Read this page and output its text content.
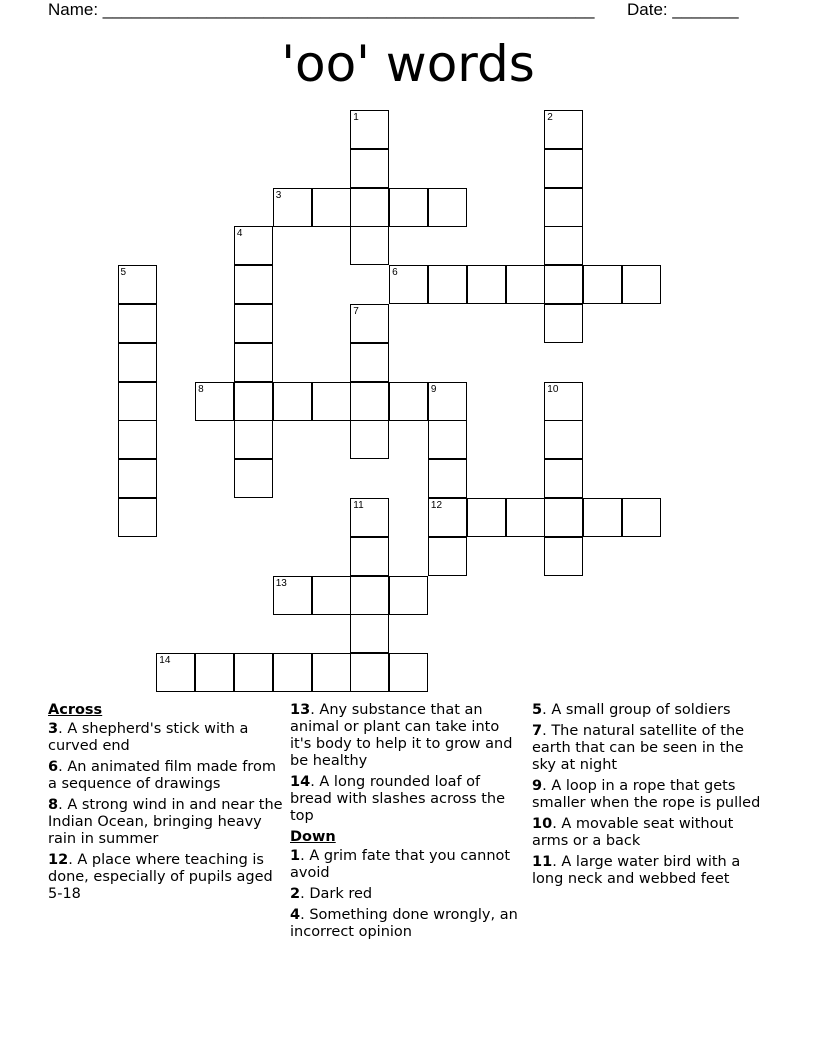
Name: ____________________________________________________ Date: _______
'oo' words
1	2
3
4
5	6
7
8	9
12
10
11
13
14
Across
3. A shepherd's stick with a curved end
6. An animated film made from a sequence of drawings
8. A strong wind in and near the Indian Ocean, bringing heavy rain in summer
12. A place where teaching is done, especially of pupils aged 5-18
13. Any substance that an animal or plant can take into it's body to help it to grow and be healthy
14. A long rounded loaf of bread with slashes across the top
Down
1. A grim fate that you cannot avoid
2. Dark red
4. Something done wrongly, an incorrect opinion
5. A small group of soldiers
7. The natural satellite of the earth that can be seen in the sky at night
9. A loop in a rope that gets smaller when the rope is pulled
10. A movable seat without arms or a back
11. A large water bird with a long neck and webbed feet
